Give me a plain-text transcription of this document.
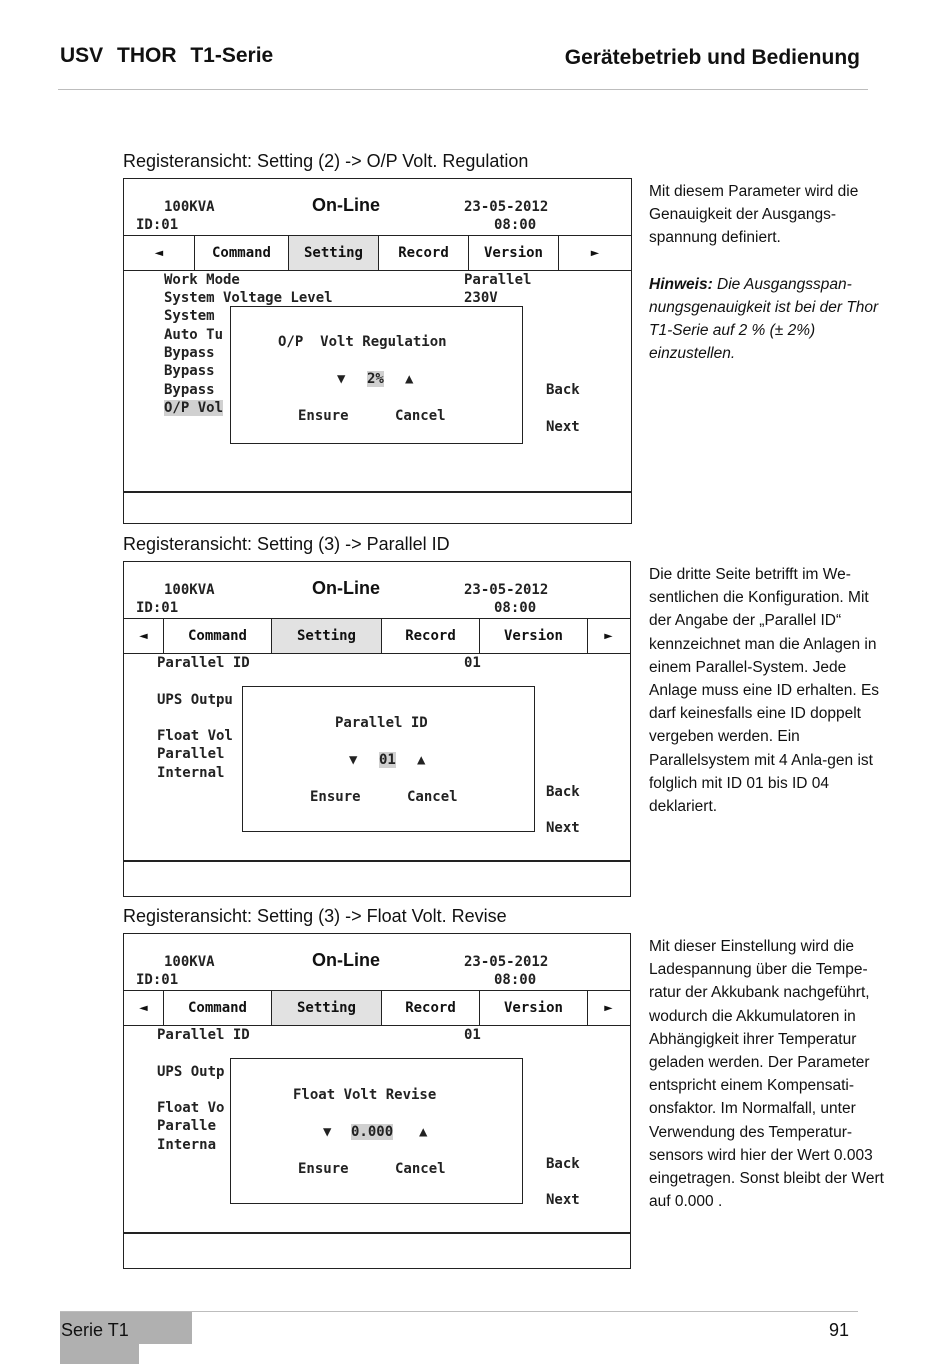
USV THOR T1-Serie	Gerätebetrieb und Bedienung
Registeransicht: Setting (2) -> O/P Volt. Regulation
100KVA	On-Line	23-05-2012
ID:01	08:00
◄	Command	Setting	Record	Version	►
Work Mode	Parallel
System Voltage Level	230V
System
Auto Tu
Bypass
Bypass
Bypass
O/P Vol
Back
Next
O/P  Volt Regulation
▼ 2% ▲
Ensure	Cancel

Mit diesem Parameter wird die Genauigkeit der Ausgangs-spannung definiert.

Hinweis: Die Ausgangsspan-nungsgenauigkeit ist bei der Thor T1-Serie auf 2 % (± 2%) einzustellen.

Registeransicht: Setting (3) -> Parallel ID
100KVA	On-Line	23-05-2012
ID:01	08:00
◄	Command	Setting	Record	Version	►
Parallel ID	01
UPS Outpu
Float Vol
Parallel
Internal
Back
Next
Parallel ID
▼ 01 ▲
Ensure	Cancel

Die dritte Seite betrifft im We-sentlichen die Konfiguration. Mit der Angabe der „Parallel ID“ kennzeichnet man die Anlagen in einem Parallel-System. Jede Anlage muss eine ID erhalten. Es darf keinesfalls eine ID doppelt vergeben werden. Ein Parallelsystem mit 4 Anla-gen ist folglich mit ID 01 bis ID 04 deklariert.

Registeransicht: Setting (3) -> Float Volt. Revise
100KVA	On-Line	23-05-2012
ID:01	08:00
◄	Command	Setting	Record	Version	►
Parallel ID	01
UPS Outp
Float Vo
Paralle
Interna
Back
Next
Float Volt Revise
▼ 0.000 ▲
Ensure	Cancel

Mit dieser Einstellung wird die Ladespannung über die Tempe-ratur der Akkubank nachgeführt, wodurch die Akkumulatoren in Abhängigkeit ihrer Temperatur geladen werden. Der Parameter entspricht einem Kompensati-onsfaktor. Im Normalfall, unter Verwendung des Temperatur-sensors wird hier der Wert 0.003 eingetragen. Sonst bleibt der Wert auf 0.000 .

Serie T1	91
